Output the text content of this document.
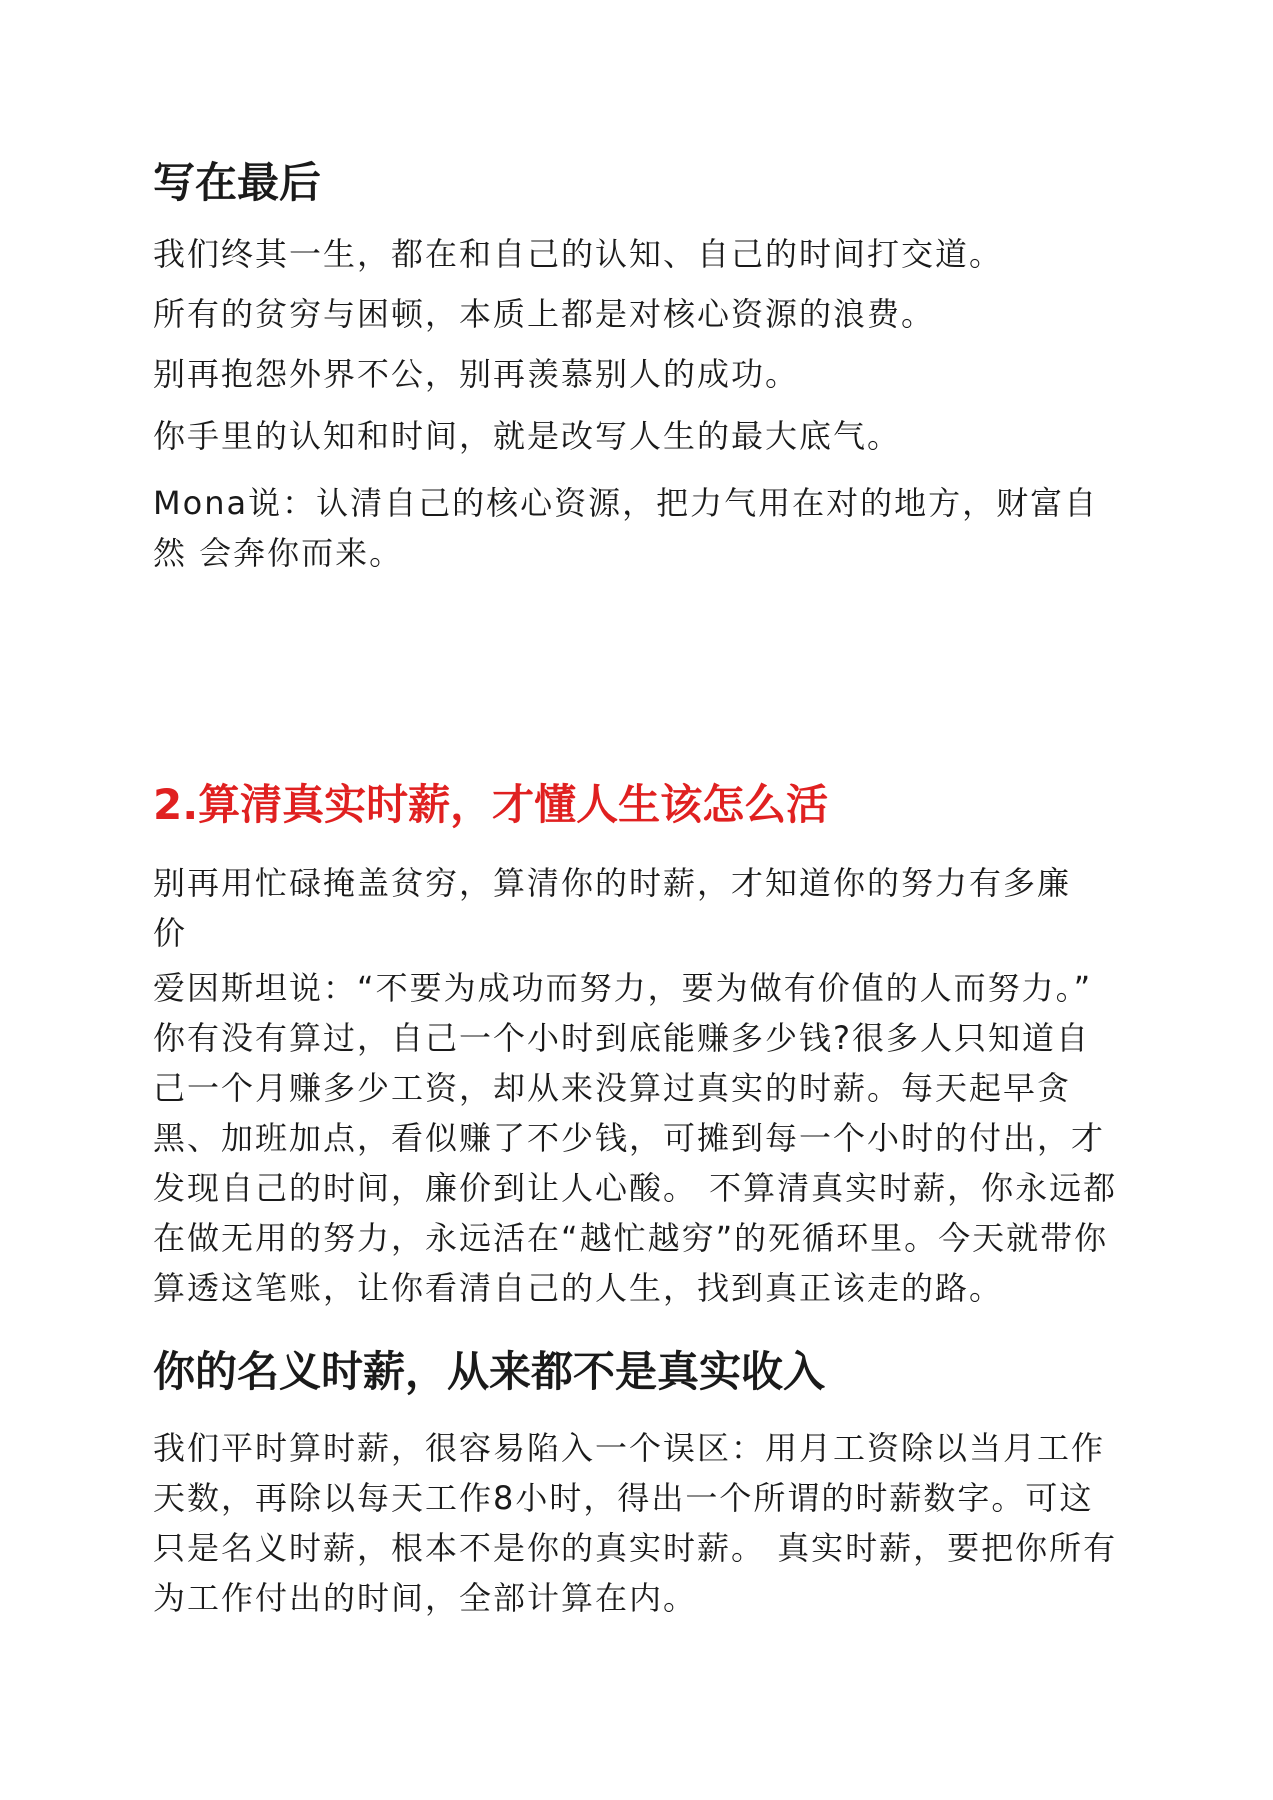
写在最后

我们终其一生，都在和自己的认知、自己的时间打交道。

所有的贫穷与困顿，本质上都是对核心资源的浪费。

别再抱怨外界不公，别再羡慕别人的成功。

你手里的认知和时间，就是改写人生的最大底气。

Mona说：认清自己的核心资源，把力气用在对的地方，财富自
然 会奔你而来。
2.算清真实时薪，才懂人生该怎么活
别再用忙碌掩盖贫穷，算清你的时薪，才知道你的努力有多廉
价
爱因斯坦说：“不要为成功而努力，要为做有价值的人而努力。”
你有没有算过，自己一个小时到底能赚多少钱?很多人只知道自
己一个月赚多少工资，却从来没算过真实的时薪。每天起早贪
黑、加班加点，看似赚了不少钱，可摊到每一个小时的付出，才
发现自己的时间，廉价到让人心酸。 不算清真实时薪，你永远都
在做无用的努力，永远活在“越忙越穷”的死循环里。今天就带你
算透这笔账，让你看清自己的人生，找到真正该走的路。
你的名义时薪，从来都不是真实收入
我们平时算时薪，很容易陷入一个误区：用月工资除以当月工作
天数，再除以每天工作8小时，得出一个所谓的时薪数字。可这
只是名义时薪，根本不是你的真实时薪。 真实时薪，要把你所有
为工作付出的时间，全部计算在内。
